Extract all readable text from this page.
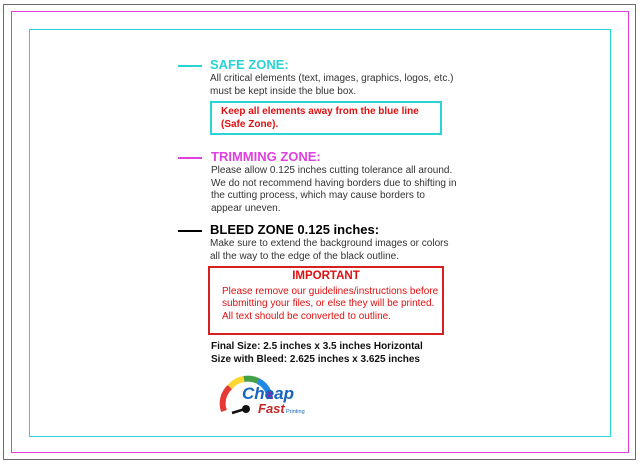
SAFE ZONE:
All critical elements (text, images, graphics, logos, etc.)
must be kept inside the blue box.
Keep all elements away from the blue line
(Safe Zone).
TRIMMING ZONE:
Please allow 0.125 inches cutting tolerance all around.
We do not recommend having borders due to shifting in
the cutting process, which may cause borders to
appear uneven.
BLEED ZONE 0.125 inches:
Make sure to extend the background images or colors
all the way to the edge of the black outline.
IMPORTANT
Please remove our guidelines/instructions before
submitting your files, or else they will be printed.
All text should be converted to outline.
Final Size: 2.5 inches x 3.5 inches Horizontal
Size with Bleed: 2.625 inches x 3.625 inches
Cheap
Fast Printing
